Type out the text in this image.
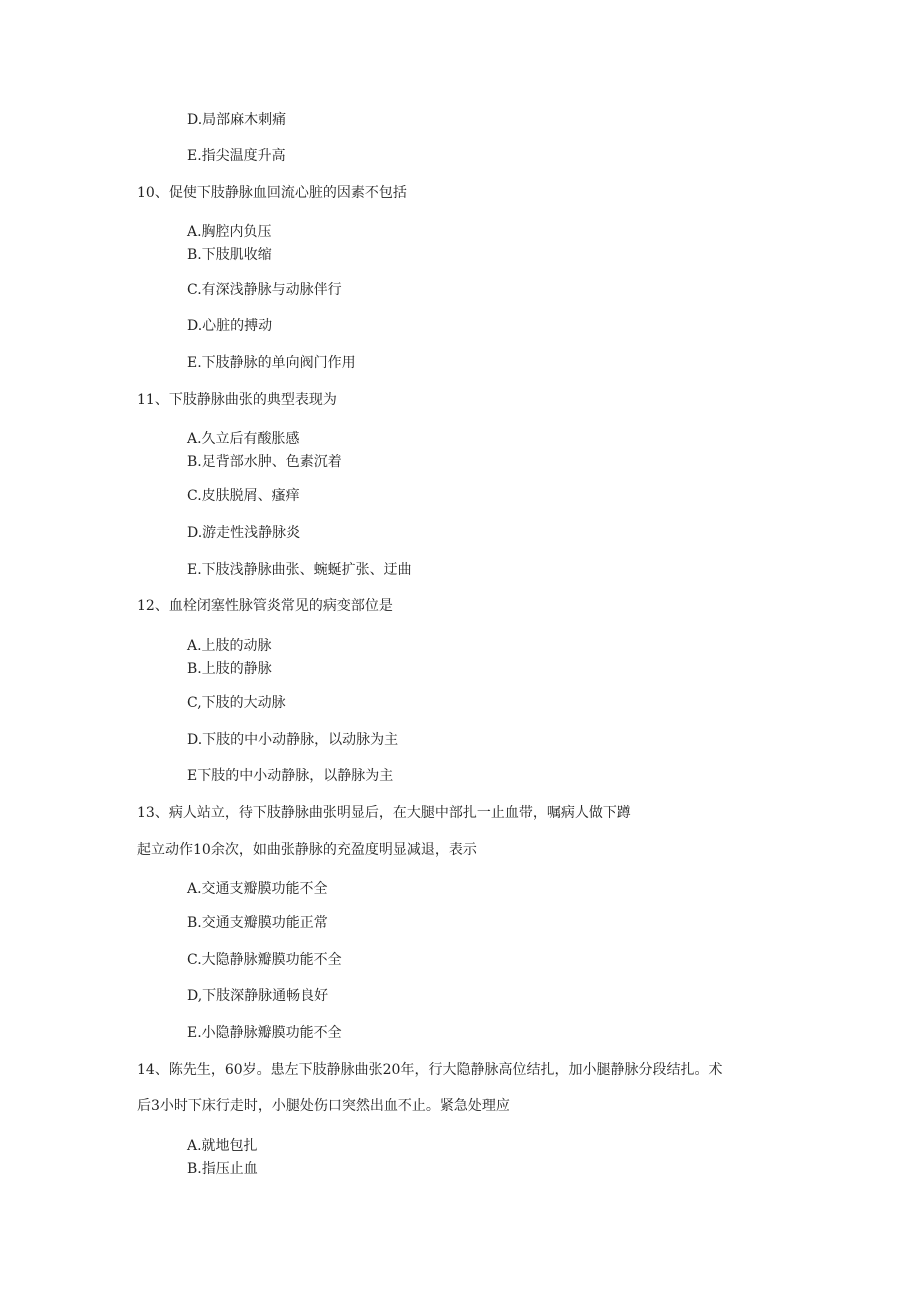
D.局部麻木刺痛

E.指尖温度升高

10、促使下肢静脉血回流心脏的因素不包括

A.胸腔内负压

B.下肢肌收缩

C.有深浅静脉与动脉伴行

D.心脏的搏动

E.下肢静脉的单向阀门作用

11、下肢静脉曲张的典型表现为

A.久立后有酸胀感

B.足背部水肿、色素沉着

C.皮肤脱屑、瘙痒

D.游走性浅静脉炎

E.下肢浅静脉曲张、蜿蜒扩张、迂曲

12、血栓闭塞性脉管炎常见的病变部位是

A.上肢的动脉

B.上肢的静脉

C,下肢的大动脉

D.下肢的中小动静脉，以动脉为主

E下肢的中小动静脉，以静脉为主

13、病人站立，待下肢静脉曲张明显后，在大腿中部扎一止血带，嘱病人做下蹲

起立动作10余次，如曲张静脉的充盈度明显减退，表示

A.交通支瓣膜功能不全

B.交通支瓣膜功能正常

C.大隐静脉瓣膜功能不全

D,下肢深静脉通畅良好

E.小隐静脉瓣膜功能不全

14、陈先生，60岁。患左下肢静脉曲张20年，行大隐静脉高位结扎，加小腿静脉分段结扎。术

后3小时下床行走时，小腿处伤口突然出血不止。紧急处理应

A.就地包扎

B.指压止血
